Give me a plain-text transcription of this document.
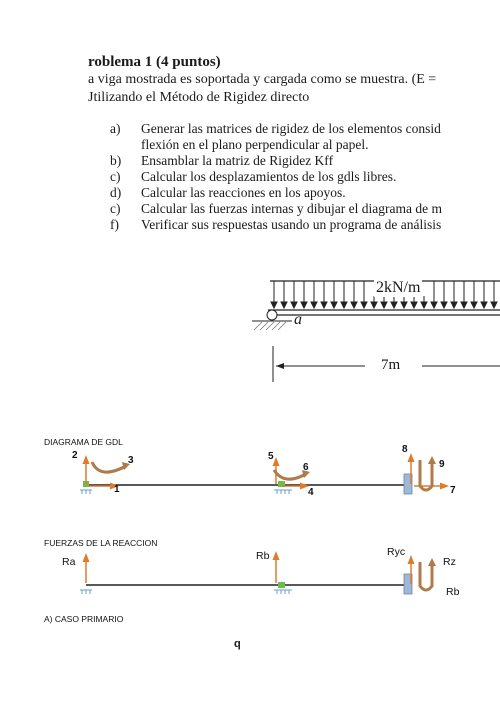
roblema 1 (4 puntos)
a viga mostrada es soportada y cargada como se muestra. (E =
Jtilizando el Método de Rigidez directo
a) Generar las matrices de rigidez de los elementos consid
flexión en el plano perpendicular al papel.
b) Ensamblar la matriz de Rigidez Kff
c) Calcular los desplazamientos de los gdls libres.
d) Calcular las reacciones en los apoyos.
c) Calcular las fuerzas internas y dibujar el diagrama de m
f) Verificar sus respuestas usando un programa de análisis
2kN/m
a
7m
DIAGRAMA DE GDL
2	3
1
5
6
4
8
9
7
FUERZAS DE LA REACCION
Ra	Rb	Ryc
Rz
Rb
A) CASO PRIMARIO
q
